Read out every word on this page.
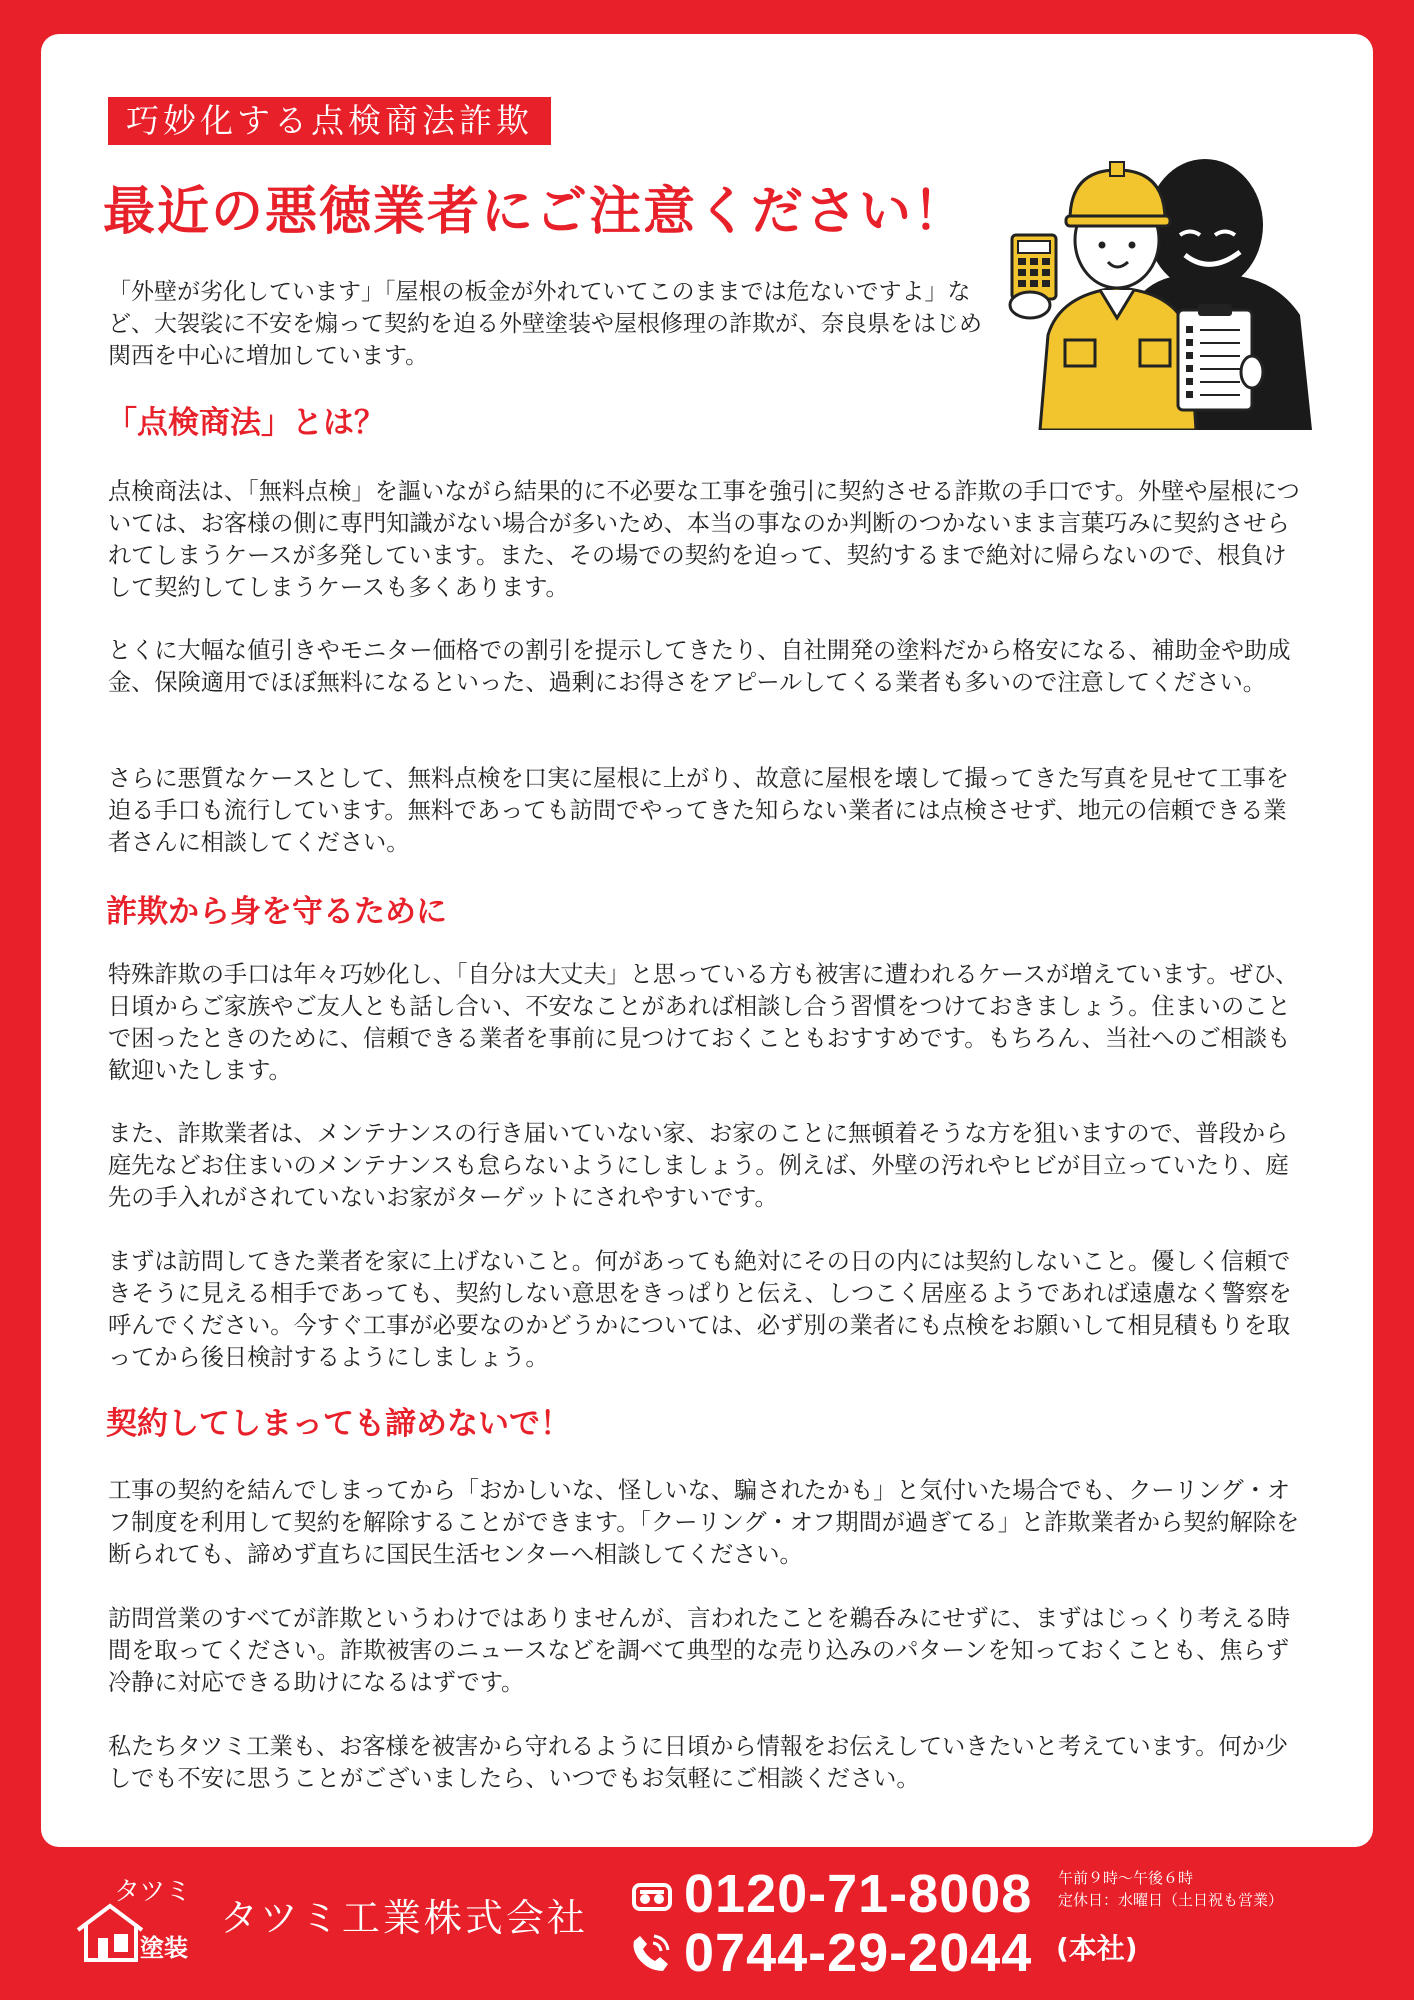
巧妙化する点検商法詐欺
最近の悪徳業者にご注意ください！

「外壁が劣化しています」「屋根の板金が外れていてこのままでは危ないですよ」など、大袈裟に不安を煽って契約を迫る外壁塗装や屋根修理の詐欺が、奈良県をはじめ関西を中心に増加しています。

「点検商法」とは？

点検商法は、「無料点検」を謳いながら結果的に不必要な工事を強引に契約させる詐欺の手口です。外壁や屋根については、お客様の側に専門知識がない場合が多いため、本当の事なのか判断のつかないまま言葉巧みに契約させられてしまうケースが多発しています。また、その場での契約を迫って、契約するまで絶対に帰らないので、根負けして契約してしまうケースも多くあります。

とくに大幅な値引きやモニター価格での割引を提示してきたり、自社開発の塗料だから格安になる、補助金や助成金、保険適用でほぼ無料になるといった、過剰にお得さをアピールしてくる業者も多いので注意してください。

さらに悪質なケースとして、無料点検を口実に屋根に上がり、故意に屋根を壊して撮ってきた写真を見せて工事を迫る手口も流行しています。無料であっても訪問でやってきた知らない業者には点検させず、地元の信頼できる業者さんに相談してください。

詐欺から身を守るために

特殊詐欺の手口は年々巧妙化し、「自分は大丈夫」と思っている方も被害に遭われるケースが増えています。ぜひ、日頃からご家族やご友人とも話し合い、不安なことがあれば相談し合う習慣をつけておきましょう。住まいのことで困ったときのために、信頼できる業者を事前に見つけておくこともおすすめです。もちろん、当社へのご相談も歓迎いたします。

また、詐欺業者は、メンテナンスの行き届いていない家、お家のことに無頓着そうな方を狙いますので、普段から庭先などお住まいのメンテナンスも怠らないようにしましょう。例えば、外壁の汚れやヒビが目立っていたり、庭先の手入れがされていないお家がターゲットにされやすいです。

まずは訪問してきた業者を家に上げないこと。何があっても絶対にその日の内には契約しないこと。優しく信頼できそうに見える相手であっても、契約しない意思をきっぱりと伝え、しつこく居座るようであれば遠慮なく警察を呼んでください。今すぐ工事が必要なのかどうかについては、必ず別の業者にも点検をお願いして相見積もりを取ってから後日検討するようにしましょう。

契約してしまっても諦めないで！

工事の契約を結んでしまってから「おかしいな、怪しいな、騙されたかも」と気付いた場合でも、クーリング・オフ制度を利用して契約を解除することができます。「クーリング・オフ期間が過ぎてる」と詐欺業者から契約解除を断られても、諦めず直ちに国民生活センターへ相談してください。

訪問営業のすべてが詐欺というわけではありませんが、言われたことを鵜呑みにせずに、まずはじっくり考える時間を取ってください。詐欺被害のニュースなどを調べて典型的な売り込みのパターンを知っておくことも、焦らず冷静に対応できる助けになるはずです。

私たちタツミ工業も、お客様を被害から守れるように日頃から情報をお伝えしていきたいと考えています。何か少しでも不安に思うことがございましたら、いつでもお気軽にご相談ください。

タツミ
塗装
タツミ工業株式会社 0120-71-8008 午前９時〜午後６時
定休日：水曜日（土日祝も営業）
0744-29-2044 (本社)
